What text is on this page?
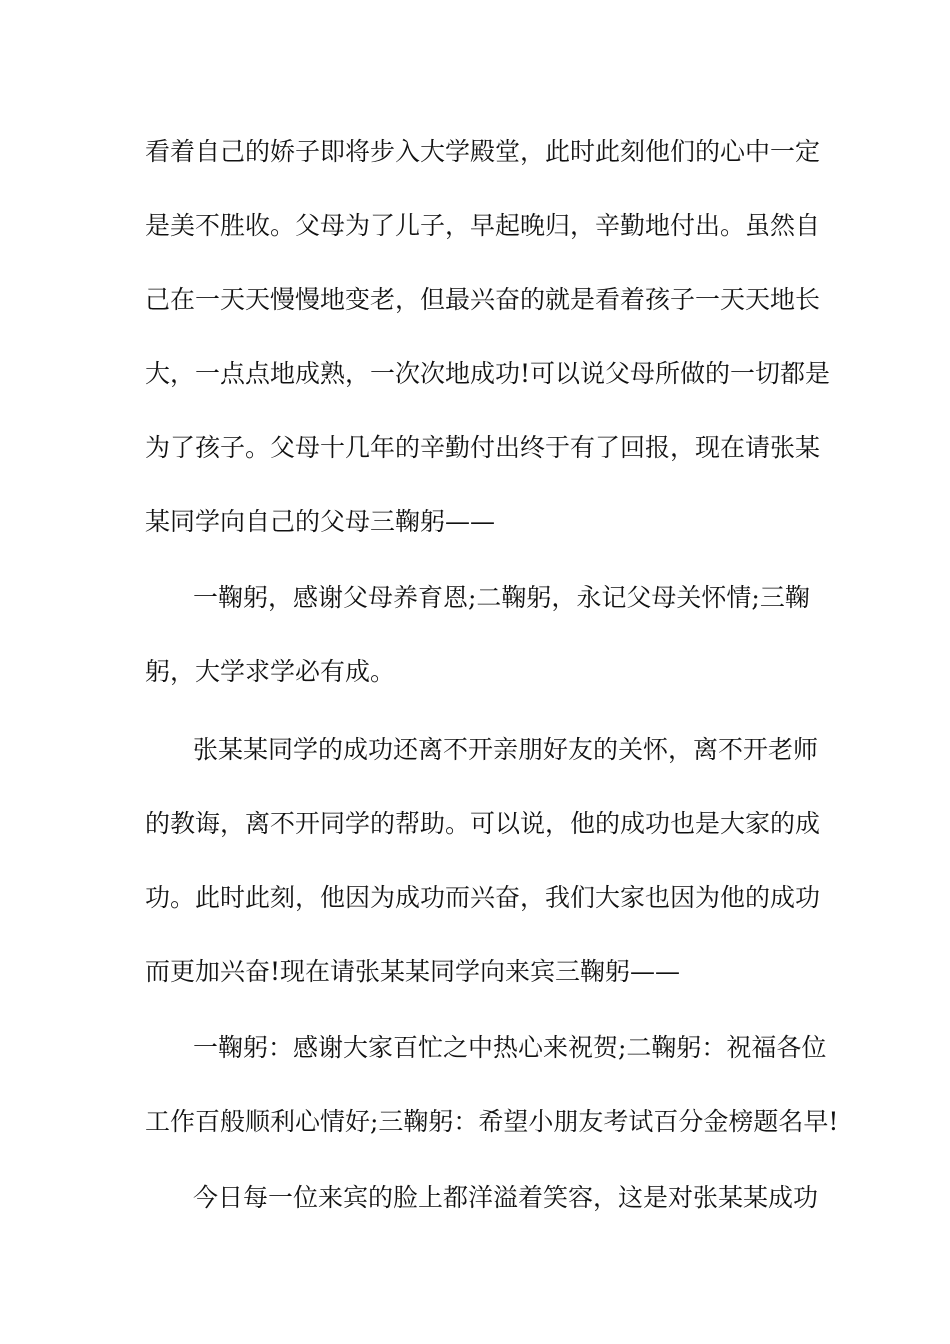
看着自己的娇子即将步入大学殿堂，此时此刻他们的心中一定
是美不胜收。父母为了儿子，早起晚归，辛勤地付出。虽然自
己在一天天慢慢地变老，但最兴奋的就是看着孩子一天天地长
大，一点点地成熟，一次次地成功!可以说父母所做的一切都是
为了孩子。父母十几年的辛勤付出终于有了回报，现在请张某
某同学向自己的父母三鞠躬——
一鞠躬，感谢父母养育恩;二鞠躬，永记父母关怀情;三鞠
躬，大学求学必有成。
张某某同学的成功还离不开亲朋好友的关怀，离不开老师
的教诲，离不开同学的帮助。可以说，他的成功也是大家的成
功。此时此刻，他因为成功而兴奋，我们大家也因为他的成功
而更加兴奋!现在请张某某同学向来宾三鞠躬——
一鞠躬：感谢大家百忙之中热心来祝贺;二鞠躬：祝福各位
工作百般顺利心情好;三鞠躬：希望小朋友考试百分金榜题名早!
今日每一位来宾的脸上都洋溢着笑容，这是对张某某成功
